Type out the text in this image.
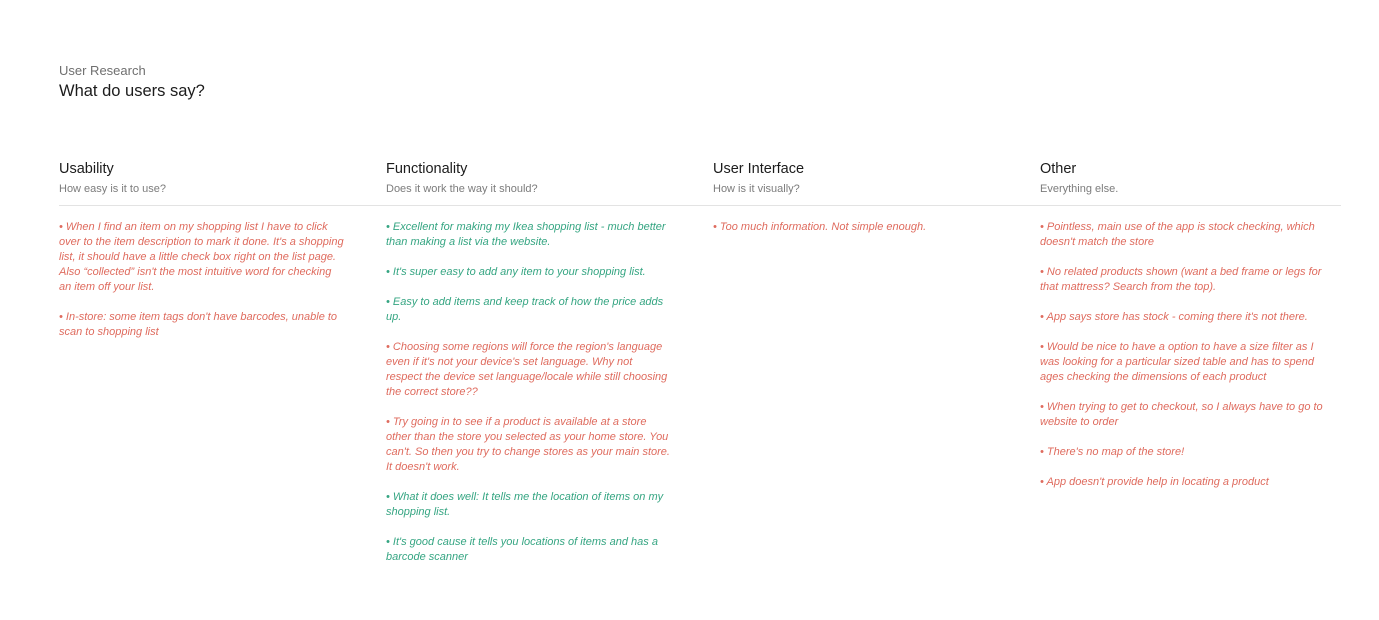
User Research
What do users say?
Usability
How easy is it to use?
• When I find an item on my shopping list I have to click over to the item description to mark it done. It's a shopping list, it should have a little check box right on the list page. Also “collected” isn't the most intuitive word for checking an item off your list.
• In-store: some item tags don't have barcodes, unable to scan to shopping list
Functionality
Does it work the way it should?
• Excellent for making my Ikea shopping list - much better than making a list via the website.
• It's super easy to add any item to your shopping list.
• Easy to add items and keep track of how the price adds up.
• Choosing some regions will force the region's language even if it's not your device's set language. Why not respect the device set language/locale while still choosing the correct store??
• Try going in to see if a product is available at a store other than the store you selected as your home store. You can't. So then you try to change stores as your main store. It doesn't work.
• What it does well: It tells me the location of items on my shopping list.
• It's good cause it tells you locations of items and has a barcode scanner
User Interface
How is it visually?
• Too much information. Not simple enough.
Other
Everything else.
• Pointless, main use of the app is stock checking, which doesn't match the store
• No related products shown (want a bed frame or legs for that mattress? Search from the top).
• App says store has stock - coming there it's not there.
• Would be nice to have a option to have a size filter as I was looking for a particular sized table and has to spend ages checking the dimensions of each product
• When trying to get to checkout, so I always have to go to website to order
• There's no map of the store!
• App doesn't provide help in locating a product
